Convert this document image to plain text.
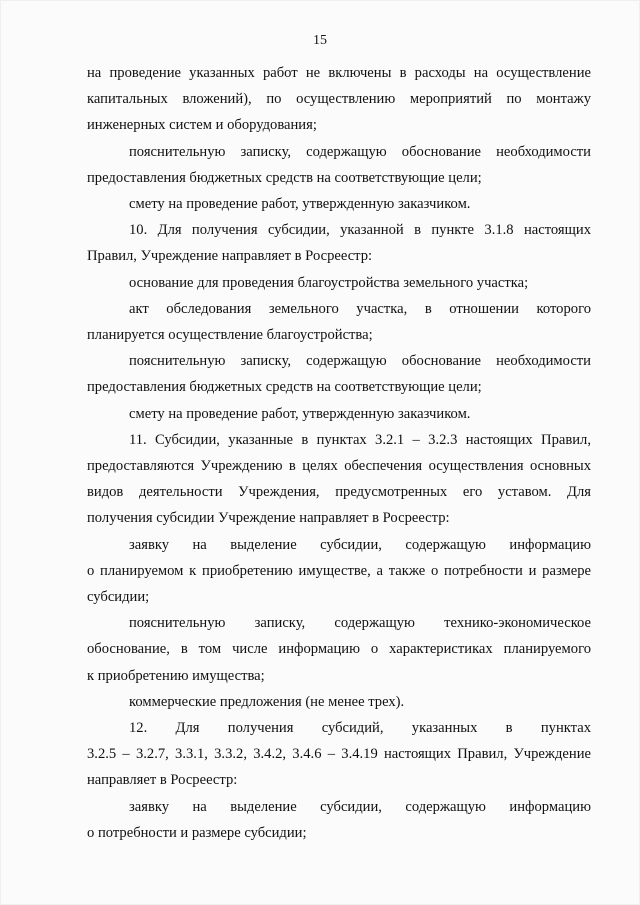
15
на проведение указанных работ не включены в расходы на осуществление
капитальных вложений), по осуществлению мероприятий по монтажу
инженерных систем и оборудования;
пояснительную записку, содержащую обоснование необходимости
предоставления бюджетных средств на соответствующие цели;
смету на проведение работ, утвержденную заказчиком.
10. Для получения субсидии, указанной в пункте 3.1.8 настоящих
Правил, Учреждение направляет в Росреестр:
основание для проведения благоустройства земельного участка;
акт обследования земельного участка, в отношении которого
планируется осуществление благоустройства;
пояснительную записку, содержащую обоснование необходимости
предоставления бюджетных средств на соответствующие цели;
смету на проведение работ, утвержденную заказчиком.
11. Субсидии, указанные в пунктах 3.2.1 – 3.2.3 настоящих Правил,
предоставляются Учреждению в целях обеспечения осуществления основных
видов деятельности Учреждения, предусмотренных его уставом. Для
получения субсидии Учреждение направляет в Росреестр:
заявку на выделение субсидии, содержащую информацию
о планируемом к приобретению имуществе, а также о потребности и размере
субсидии;
пояснительную записку, содержащую технико-экономическое
обоснование, в том числе информацию о характеристиках планируемого
к приобретению имущества;
коммерческие предложения (не менее трех).
12. Для получения субсидий, указанных в пунктах
3.2.5 – 3.2.7, 3.3.1, 3.3.2, 3.4.2, 3.4.6 – 3.4.19 настоящих Правил, Учреждение
направляет в Росреестр:
заявку на выделение субсидии, содержащую информацию
о потребности и размере субсидии;
